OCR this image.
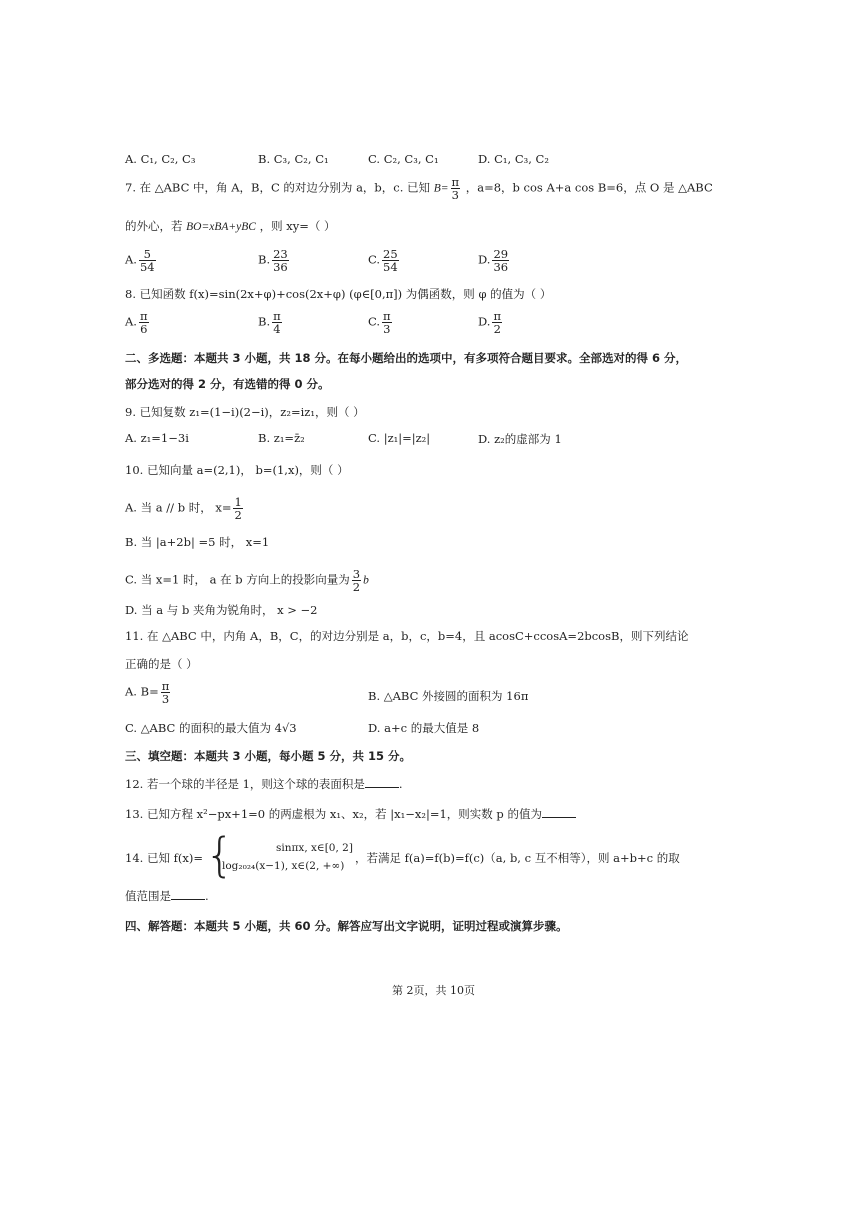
A. C₁, C₂, C₃	B. C₃, C₂, C₁	C. C₂, C₃, C₁	D. C₁, C₃, C₂
7. 在 △ABC 中，角 A，B，C 的对边分别为 a，b，c. 已知 $B= \frac{\pi}{3}$ ，a=8，b cos A+a cos B=6，点 O 是 △ABC
的外心，若 BO=xBA+yBC ，则 xy=（ ）
A. $\frac{5}{54}$	B. $\frac{23}{36}$	C. $\frac{25}{54}$	D. $\frac{29}{36}$
8. 已知函数 f(x)=sin(2x+φ)+cos(2x+φ) (φ∈[0,π]) 为偶函数，则 φ 的值为（ ）
A. $\frac{\pi}{6}$	B. $\frac{\pi}{4}$	C. $\frac{\pi}{3}$	D. $\frac{\pi}{2}$
二、多选题：本题共 3 小题，共 18 分。在每小题给出的选项中，有多项符合题目要求。全部选对的得 6 分，
部分选对的得 2 分，有选错的得 0 分。
9. 已知复数 z₁=(1−i)(2−i)，z₂=iz₁，则（ ）
A. z₁=1−3i	B. z₁=z̄₂	C. |z₁|=|z₂|	D. z₂的虚部为 1
10. 已知向量 a=(2,1)， b=(1,x)，则（ ）
A. 当 a // b 时， $x= \frac{1}{2}$
B. 当 |a+2b| =5 时， x=1
C. 当 x=1 时， a 在 b 方向上的投影向量为 $\frac{3}{2}$ b
D. 当 a 与 b 夹角为锐角时， x > −2
11. 在 △ABC 中，内角 A，B，C，的对边分别是 a，b，c，b=4，且 acosC+ccosA=2bcosB，则下列结论
正确的是（ ）
A. $B= \frac{\pi}{3}$	B. △ABC 外接圆的面积为 16π
C. △ABC 的面积的最大值为 4√3	D. a+c 的最大值是 8
三、填空题：本题共 3 小题，每小题 5 分，共 15 分。
12. 若一个球的半径是 1，则这个球的表面积是	.
13. 已知方程 x²−px+1=0 的两虚根为 x₁、x₂，若 |x₁−x₂|=1，则实数 p 的值为
14. 已知 f(x)= {	sinπx, x∈[0, 2]
log₂₀₂₄(x−1), x∈(2, +∞)
，若满足 f(a)=f(b)=f(c)（a, b, c 互不相等），则 a+b+c 的取
值范围是	.
四、解答题：本题共 5 小题，共 60 分。解答应写出文字说明，证明过程或演算步骤。
第 2页，共 10页
